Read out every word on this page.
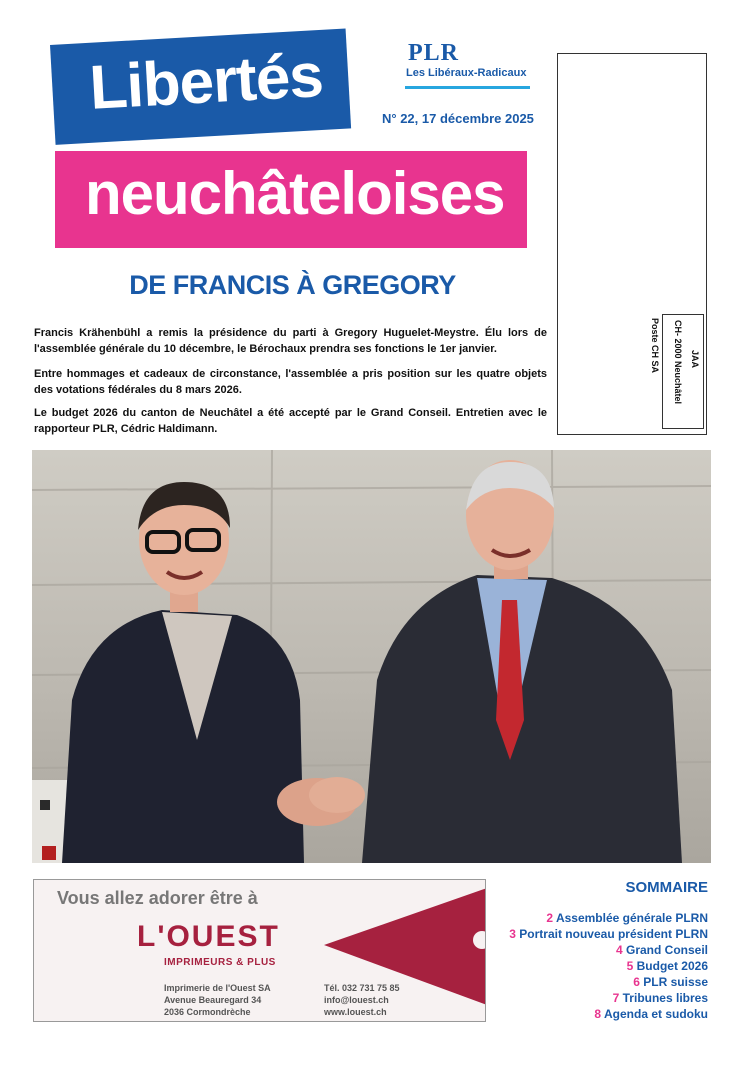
Libertés
neuchâteloises
PLR
Les Libéraux-Radicaux
N° 22, 17 décembre 2025
JAA
CH- 2000 Neuchâtel
Poste CH SA
DE FRANCIS À GREGORY
Francis Krähenbühl a remis la présidence du parti à Gregory Huguelet-Meystre. Élu lors de l'assemblée générale du 10 décembre, le Bérochaux prendra ses fonctions le 1er janvier.
Entre hommages et cadeaux de circonstance, l'assemblée a pris position sur les quatre objets des votations fédérales du 8 mars 2026.
Le budget 2026 du canton de Neuchâtel a été accepté par le Grand Conseil. Entretien avec le rapporteur PLR, Cédric Haldimann.
Vous allez adorer être à
L'OUEST
IMPRIMEURS & PLUS
Imprimerie de l'Ouest SA
Avenue Beauregard 34
2036 Cormondrèche
Tél. 032 731 75 85
info@louest.ch
www.louest.ch
SOMMAIRE
2 Assemblée générale PLRN
3 Portrait nouveau président PLRN
4 Grand Conseil
5 Budget 2026
6 PLR suisse
7 Tribunes libres
8 Agenda et sudoku
